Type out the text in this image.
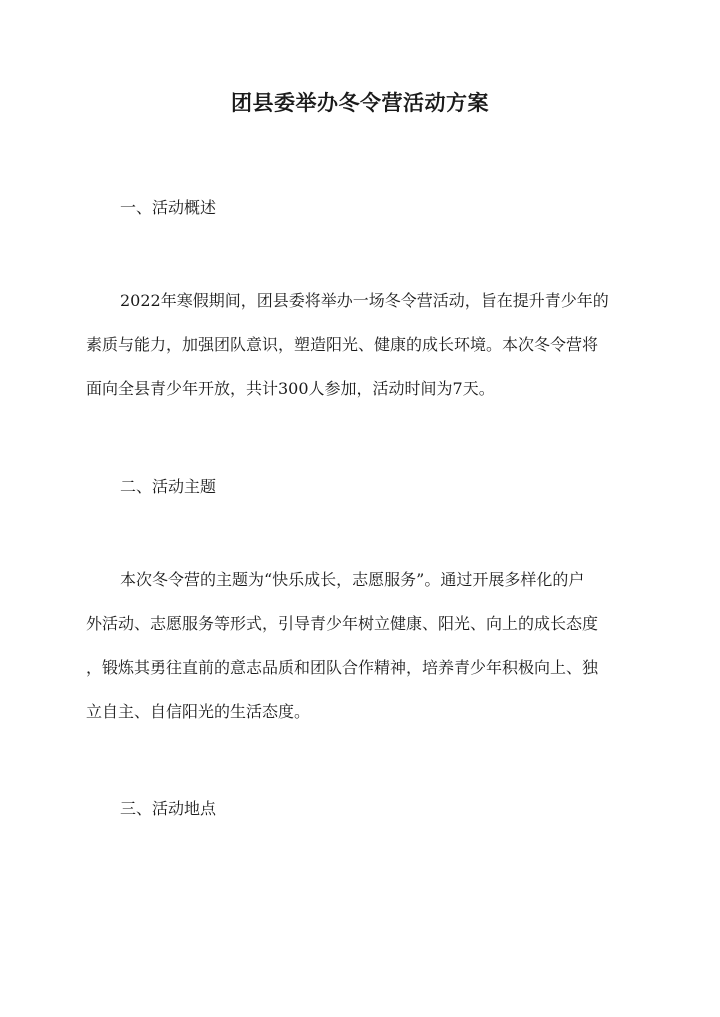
团县委举办冬令营活动方案
一、活动概述
2022年寒假期间，团县委将举办一场冬令营活动，旨在提升青少年的
素质与能力，加强团队意识，塑造阳光、健康的成长环境。本次冬令营将
面向全县青少年开放，共计300人参加，活动时间为7天。
二、活动主题
本次冬令营的主题为“快乐成长，志愿服务”。通过开展多样化的户
外活动、志愿服务等形式，引导青少年树立健康、阳光、向上的成长态度
，锻炼其勇往直前的意志品质和团队合作精神，培养青少年积极向上、独
立自主、自信阳光的生活态度。
三、活动地点
